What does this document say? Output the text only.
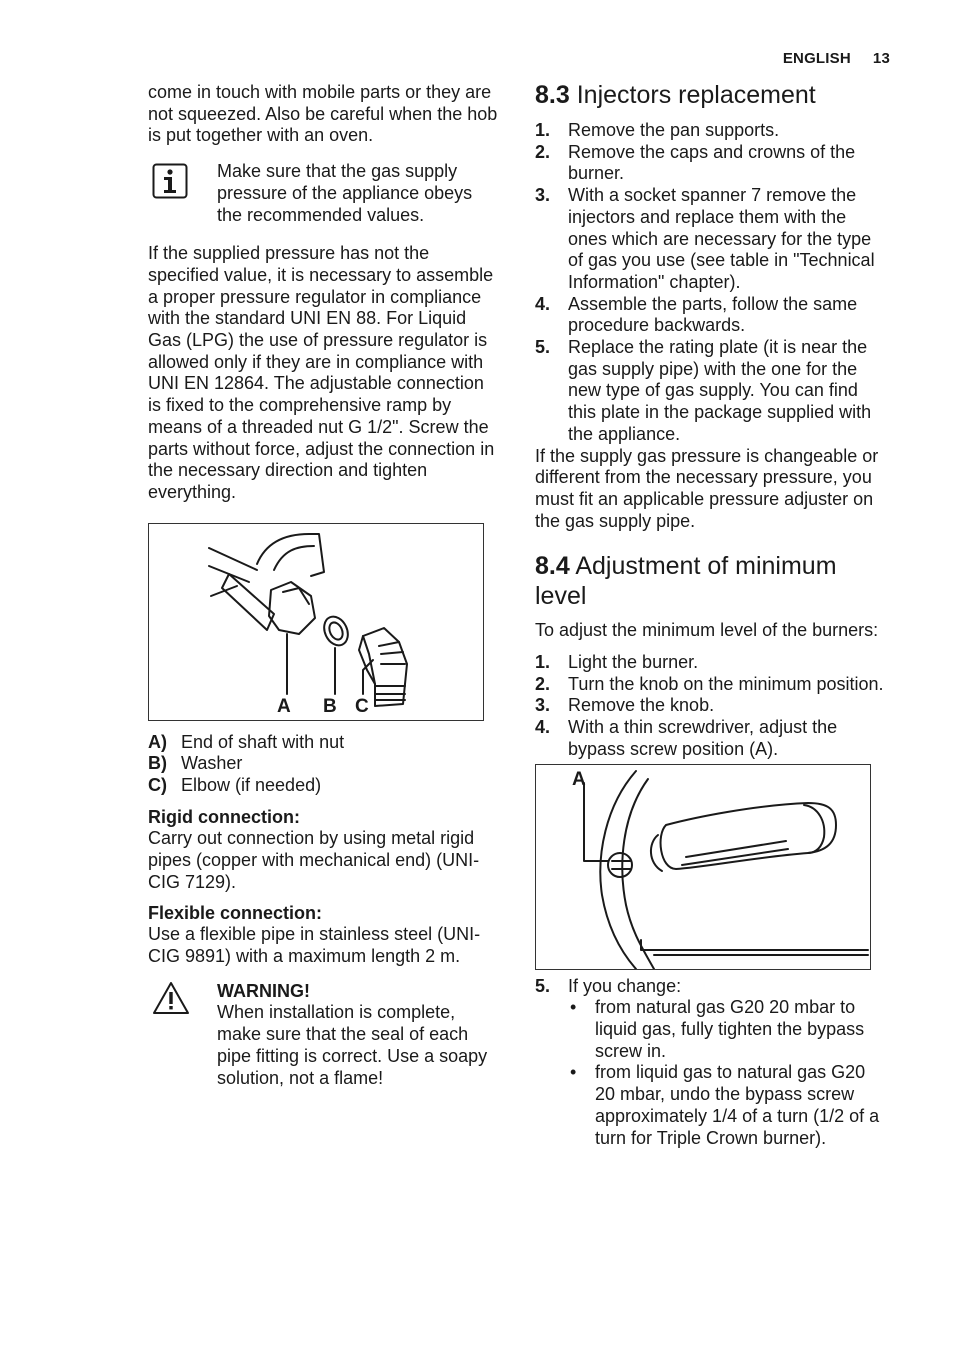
ENGLISH 13

come in touch with mobile parts or they are not squeezed. Also be careful when the hob is put together with an oven.

Make sure that the gas supply pressure of the appliance obeys the recommended values.

If the supplied pressure has not the specified value, it is necessary to assemble a proper pressure regulator in compliance with the standard UNI EN 88. For Liquid Gas (LPG) the use of pressure regulator is allowed only if they are in compliance with UNI EN 12864. The adjustable connection is fixed to the comprehensive ramp by means of a threaded nut G 1/2". Screw the parts without force, adjust the connection in the necessary direction and tighten everything.

A B C
A) End of shaft with nut
B) Washer
C) Elbow (if needed)
Rigid connection:

Carry out connection by using metal rigid pipes (copper with mechanical end) (UNI-CIG 7129).

Flexible connection:

Use a flexible pipe in stainless steel (UNI-CIG 9891) with a maximum length 2 m.

WARNING!

When installation is complete, make sure that the seal of each pipe fitting is correct. Use a soapy solution, not a flame!

8.3 Injectors replacement
1. Remove the pan supports.
2. Remove the caps and crowns of the burner.
3. With a socket spanner 7 remove the injectors and replace them with the ones which are necessary for the type of gas you use (see table in "Technical Information" chapter).
4. Assemble the parts, follow the same procedure backwards.
5. Replace the rating plate (it is near the gas supply pipe) with the one for the new type of gas supply. You can find this plate in the package supplied with the appliance.

If the supply gas pressure is changeable or different from the necessary pressure, you must fit an applicable pressure adjuster on the gas supply pipe.

8.4 Adjustment of minimum level

To adjust the minimum level of the burners:

1. Light the burner.
2. Turn the knob on the minimum position.
3. Remove the knob.
4. With a thin screwdriver, adjust the bypass screw position (A).
A
5. If you change:
• from natural gas G20 20 mbar to liquid gas, fully tighten the bypass screw in.
• from liquid gas to natural gas G20 20 mbar, undo the bypass screw approximately 1/4 of a turn (1/2 of a turn for Triple Crown burner).
